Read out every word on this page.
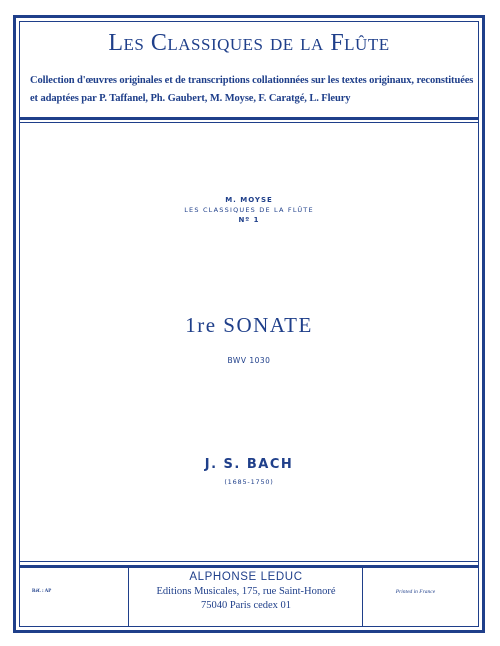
Les Classiques de la Flûte
Collection d'œuvres originales et de transcriptions collationnées sur les textes originaux, reconstituées
et adaptées par P. Taffanel, Ph. Gaubert, M. Moyse, F. Caratgé, L. Fleury
M. MOYSE
LES CLASSIQUES DE LA FLÛTE
Nº 1
1re SONATE
BWV 1030
J. S. BACH
(1685-1750)
Réf. : AP
ALPHONSE LEDUC
Editions Musicales, 175, rue Saint-Honoré
75040 Paris cedex 01
Printed in France
